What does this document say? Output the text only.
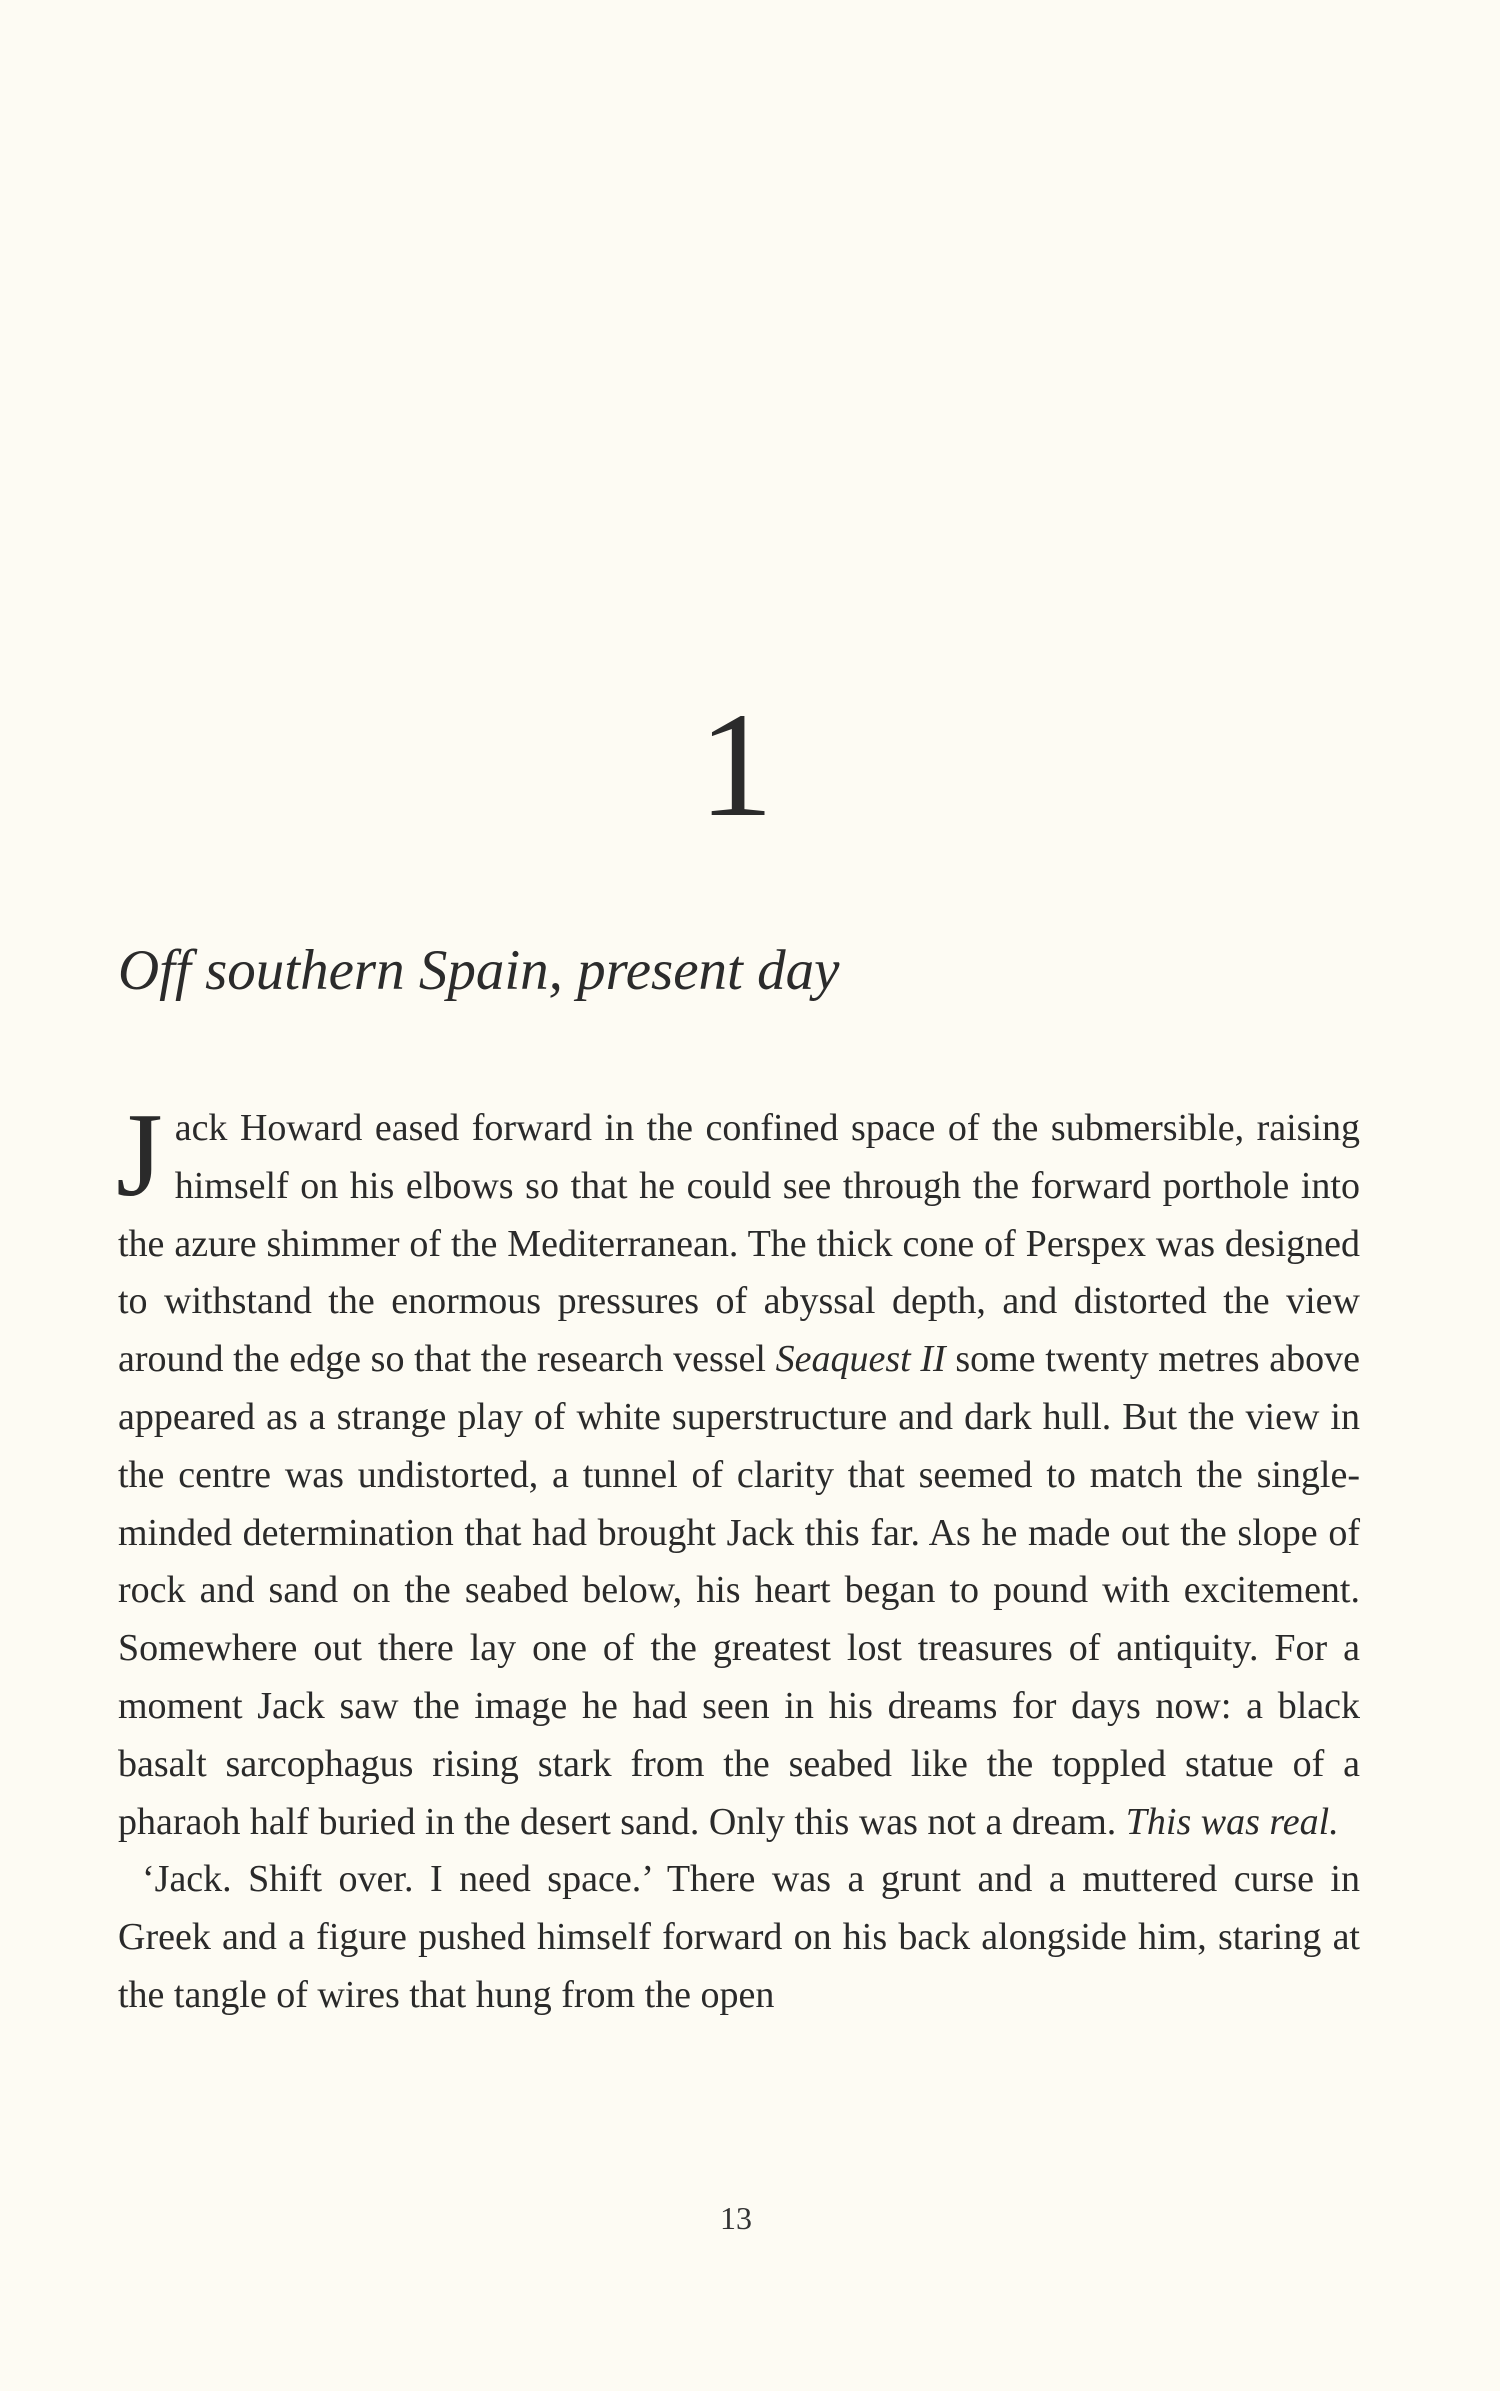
1
Off southern Spain, present day

Jack Howard eased forward in the confined space of the submersible, raising himself on his elbows so that he could see through the forward porthole into the azure shimmer of the Mediterranean. The thick cone of Perspex was designed to withstand the enormous pressures of abyssal depth, and distorted the view around the edge so that the research vessel Seaquest II some twenty metres above appeared as a strange play of white superstructure and dark hull. But the view in the centre was undistorted, a tunnel of clarity that seemed to match the single-minded determination that had brought Jack this far. As he made out the slope of rock and sand on the seabed below, his heart began to pound with excitement. Somewhere out there lay one of the greatest lost treasures of antiquity. For a moment Jack saw the image he had seen in his dreams for days now: a black basalt sarcophagus rising stark from the seabed like the toppled statue of a pharaoh half buried in the desert sand. Only this was not a dream. This was real.

‘Jack. Shift over. I need space.’ There was a grunt and a muttered curse in Greek and a figure pushed himself forward on his back alongside him, staring at the tangle of wires that hung from the open

13
